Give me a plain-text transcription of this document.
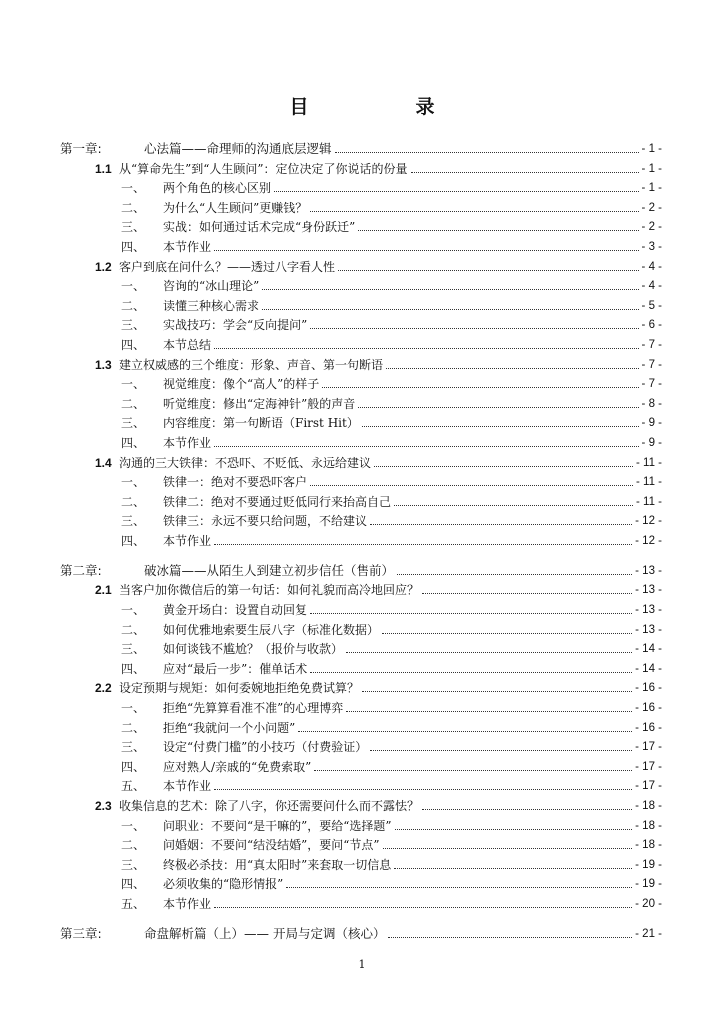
目　录
第一章:	心法篇——命理师的沟通底层逻辑	- 1 -
1.1 从“算命先生”到“人生顾问”：定位决定了你说话的份量	- 1 -
一、	两个角色的核心区别	- 1 -
二、	为什么“人生顾问”更赚钱？	- 2 -
三、	实战：如何通过话术完成“身份跃迁”	- 2 -
四、	本节作业	- 3 -
1.2 客户到底在问什么？——透过八字看人性	- 4 -
一、	咨询的“冰山理论”	- 4 -
二、	读懂三种核心需求	- 5 -
三、	实战技巧：学会“反向提问”	- 6 -
四、	本节总结	- 7 -
1.3 建立权威感的三个维度：形象、声音、第一句断语	- 7 -
一、	视觉维度：像个“高人”的样子	- 7 -
二、	听觉维度：修出“定海神针”般的声音	- 8 -
三、	内容维度：第一句断语（First Hit）	- 9 -
四、	本节作业	- 9 -
1.4 沟通的三大铁律：不恐吓、不贬低、永远给建议	- 11 -
一、	铁律一：绝对不要恐吓客户	- 11 -
二、	铁律二：绝对不要通过贬低同行来抬高自己	- 11 -
三、	铁律三：永远不要只给问题，不给建议	- 12 -
四、	本节作业	- 12 -
第二章:	破冰篇——从陌生人到建立初步信任（售前）	- 13 -
2.1 当客户加你微信后的第一句话：如何礼貌而高冷地回应？	- 13 -
一、	黄金开场白：设置自动回复	- 13 -
二、	如何优雅地索要生辰八字（标准化数据）	- 13 -
三、	如何谈钱不尴尬？（报价与收款）	- 14 -
四、	应对“最后一步”：催单话术	- 14 -
2.2 设定预期与规矩：如何委婉地拒绝免费试算？	- 16 -
一、	拒绝“先算算看准不准”的心理博弈	- 16 -
二、	拒绝“我就问一个小问题”	- 16 -
三、	设定“付费门槛”的小技巧（付费验证）	- 17 -
四、	应对熟人/亲戚的“免费索取”	- 17 -
五、	本节作业	- 17 -
2.3 收集信息的艺术：除了八字，你还需要问什么而不露怯？	- 18 -
一、	问职业：不要问“是干嘛的”，要给“选择题”	- 18 -
二、	问婚姻：不要问“结没结婚”，要问“节点”	- 18 -
三、	终极必杀技：用“真太阳时”来套取一切信息	- 19 -
四、	必须收集的“隐形情报”	- 19 -
五、	本节作业	- 20 -
第三章:	命盘解析篇（上）—— 开局与定调（核心）	- 21 -
1
